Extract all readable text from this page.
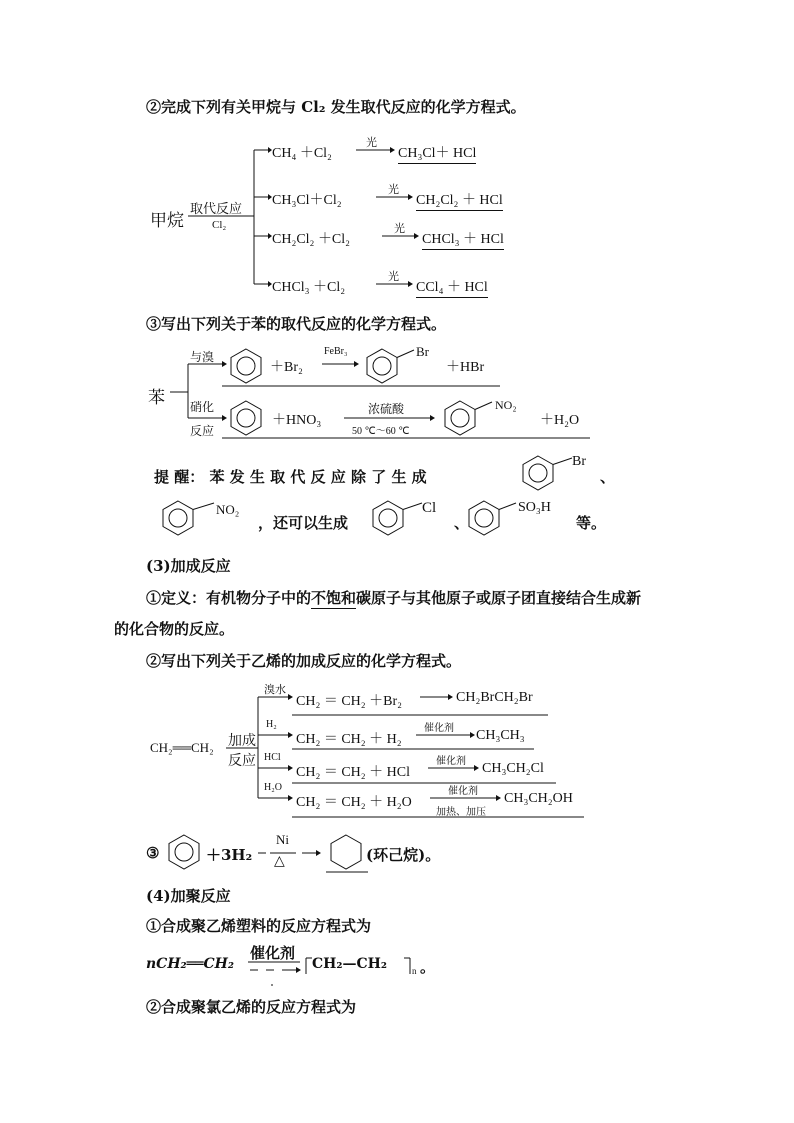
②完成下列有关甲烷与 Cl₂ 发生取代反应的化学方程式。
甲烷
取代反应
Cl₂
CH₄ ＋Cl₂
光
CH₃Cl＋ HCl
CH₃Cl＋Cl₂
光
CH₂Cl₂ ＋ HCl
CH₂Cl₂ ＋Cl₂
光
CHCl₃ ＋ HCl
CHCl₃ ＋Cl₂
光
CCl₄ ＋ HCl
③写出下列关于苯的取代反应的化学方程式。
苯
与溴
硝化
反应
＋Br₂
FeBr₃	Br
＋HBr
＋HNO₃
浓硫酸
50 ℃～60 ℃
NO₂
＋H₂O
提 醒： 苯 发 生 取 代 反 应 除 了 生 成
Br
、
NO₂
，还可以生成
Cl
、
SO₃H
等。
(3)加成反应
①定义：有机物分子中的不饱和碳原子与其他原子或原子团直接结合生成新
的化合物的反应。
②写出下列关于乙烯的加成反应的化学方程式。
CH₂══CH₂ 加成
反应
溴水
CH₂ ＝ CH₂ ＋Br₂	CH₂BrCH₂Br
H₂
CH₂ ＝ CH₂ ＋ H₂
催化剂 CH₃CH₃
HCl
CH₂ ＝ CH₂ ＋ HCl
催化剂 CH₃CH₂Cl
H₂O
CH₂ ＝ CH₂ ＋ H₂O
催化剂
加热、加压
CH₃CH₂OH
③	＋3H₂
Ni
△	(环己烷)。
(4)加聚反应
①合成聚乙烯塑料的反应方程式为
nCH₂══CH₂
催化剂
CH₂—CH₂	n 。
②合成聚氯乙烯的反应方程式为
